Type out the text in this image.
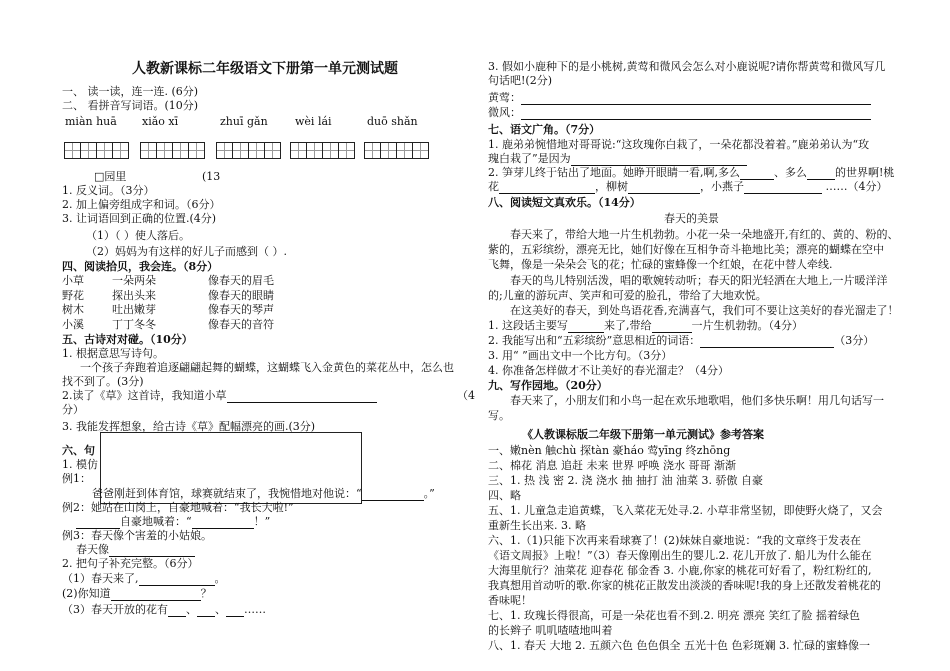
人教新课标二年级语文下册第一单元测试题
一、 读一读，连一连. (6分)
二、 看拼音写词语。(10分)
miàn huā xiǎo xī	zhuī gǎn wèi lái	duō shǎn
□园里	(13
1. 反义词。（3分）
2. 加上偏旁组成字和词。（6分）
3. 让词语回到正确的位置.(4分)
（1）（ ）使人落后。
（2）妈妈为有这样的好儿子而感到（ ）.
四、阅读拾贝，我会连。（8分）
小草	一朵两朵	像春天的眉毛
野花	探出头来	像春天的眼睛
树木	吐出嫩芽	像春天的琴声
小溪	丁丁冬冬	像春天的音符
五、古诗对对碰。（10分）
1. 根据意思写诗句。
一个孩子奔跑着追逐翩翩起舞的蝴蝶，这蝴蝶飞入金黄色的菜花丛中，怎么也
找不到了。(3分)
2.读了《草》这首诗，我知道小草	（4
分）
3. 我能发挥想象，给古诗《草》配幅漂亮的画.(3分)
六、句
1. 模仿
例1：
爸爸刚赶到体育馆，球赛就结束了，我惋惜地对他说：“	。”
例2：她站在山岗上，自豪地喊着：“我长大啦!”
自豪地喊着：“	！”
例3：春天像个害羞的小姑娘。
春天像
2. 把句子补充完整。（6分）
（1）春天来了,	。
(2)你知道	？
（3）春天开放的花有 、 、 ……
3. 假如小鹿种下的是小桃树,黄莺和微风会怎么对小鹿说呢?请你帮黄莺和微风写几
句话吧!(2分)
黄莺：
微风：
七、语文广角。（7分）
1. 鹿弟弟惋惜地对哥哥说:“这玫瑰你白栽了，一朵花都没着着。”鹿弟弟认为“玫
瑰白栽了”是因为
2. 笋芽儿终于钻出了地面。她睁开眼睛一看,啊,多么	、多么	的世界啊!桃
花	，柳树	，小燕子	……（4分）
八、阅读短文真欢乐。（14分）
春天的美景
春天来了，带给大地一片生机勃勃。小花一朵一朵地盛开,有红的、黄的、粉的、
紫的，五彩缤纷，漂亮无比，她们好像在互相争奇斗艳地比美；漂亮的蝴蝶在空中
飞舞，像是一朵朵会飞的花；忙碌的蜜蜂像一个红娘，在花中替人牵线.
春天的鸟儿特别活泼，唱的歌婉转动听；春天的阳光轻洒在大地上,一片暖洋洋
的;儿童的游玩声、笑声和可爱的脸孔，带给了大地欢悦。
在这美好的春天，到处鸟语花香,充满喜气，我们可不要让这美好的春光溜走了！
1. 这段话主要写	来了,带给	一片生机勃勃。（4分）
2. 我能写出和“五彩缤纷”意思相近的词语：	（3分）
3. 用“ ”画出文中一个比方句。（3分）
4. 你准备怎样做才不让美好的春光溜走？（4分）
九、写作园地。（20分）
春天来了，小朋友们和小鸟一起在欢乐地歌唱，他们多快乐啊！用几句话写一
写。
《人教课标版二年级下册第一单元测试》参考答案
一、嫩nèn 触chù 探tàn 豪háo 莺yīng 终zhōng
二、棉花 消息 追赶 未来 世界 呼唤 浇水 哥哥 渐渐
三、1. 热 浅 密 2. 浇 浇水 抽 抽打 油 油菜 3. 骄傲 自豪
四、略
五、1. 儿童急走追黄蝶，飞入菜花无处寻.2. 小草非常坚韧，即使野火烧了，又会
重新生长出来. 3. 略
六、1.（1)只能下次再来看球赛了！(2)妹妹自豪地说：“我的文章终于发表在
《语文周报》上啦！”（3）春天像刚出生的婴儿.2. 花儿开放了. 船儿为什么能在
大海里航行？油菜花 迎春花 郁金香 3. 小鹿,你家的桃花可好看了，粉红粉红的,
我真想用首动听的歌.你家的桃花正散发出淡淡的香味呢!我的身上还散发着桃花的
香味呢！
七、1. 玫瑰长得很高，可是一朵花也看不到.2. 明亮 漂亮 笑红了脸 摇着绿色
的长辫子 叽叽喳喳地叫着
八、1. 春天 大地 2. 五颜六色 色色俱全 五光十色 色彩斑斓 3. 忙碌的蜜蜂像一
